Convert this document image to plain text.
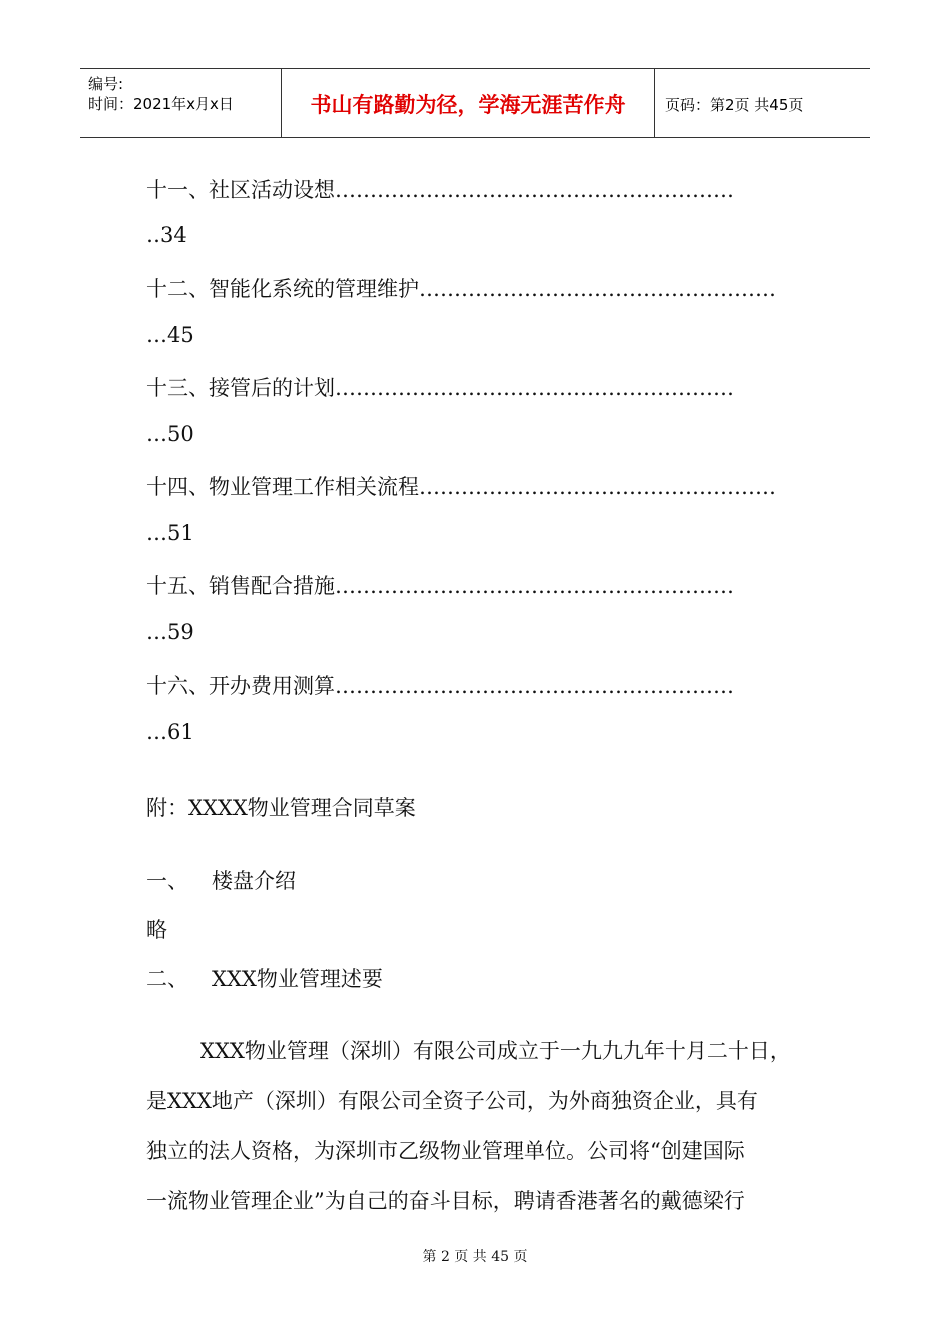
编号:
时间：2021年x月x日	书山有路勤为径，学海无涯苦作舟	页码：第2页 共45页
十一、社区活动设想…………………………………………………
‥34
十二、智能化系统的管理维护……………………………………………
…45
十三、接管后的计划…………………………………………………
…50
十四、物业管理工作相关流程……………………………………………
…51
十五、销售配合措施…………………………………………………
…59
十六、开办费用测算…………………………………………………
…61
附：XXXX物业管理合同草案
一、 楼盘介绍
略
二、 XXX物业管理述要
XXX物业管理（深圳）有限公司成立于一九九九年十月二十日，
是XXX地产（深圳）有限公司全资子公司，为外商独资企业，具有
独立的法人资格，为深圳市乙级物业管理单位。公司将“创建国际
一流物业管理企业”为自己的奋斗目标，聘请香港著名的戴德梁行
第 2 页 共 45 页
